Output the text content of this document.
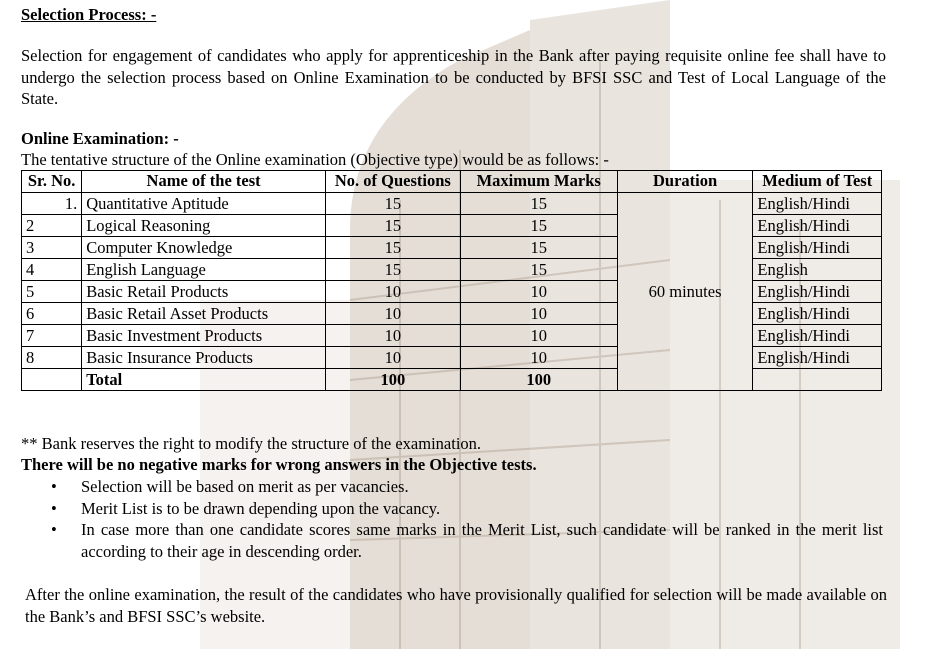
Selection Process: -
Selection for engagement of candidates who apply for apprenticeship in the Bank after paying requisite online fee shall have to undergo the selection process based on Online Examination to be conducted by BFSI SSC and Test of Local Language of the State.
Online Examination: -
The tentative structure of the Online examination (Objective type) would be as follows: -
Sr. No.	Name of the test	No. of Questions	Maximum Marks	Duration	Medium of Test
1.	Quantitative Aptitude	15	15	60 minutes	English/Hindi
2	Logical Reasoning	15	15		English/Hindi
3	Computer Knowledge	15	15		English/Hindi
4	English Language	15	15		English
5	Basic Retail Products	10	10		English/Hindi
6	Basic Retail Asset Products	10	10		English/Hindi
7	Basic Investment Products	10	10		English/Hindi
8	Basic Insurance Products	10	10		English/Hindi
	Total	100	100		
** Bank reserves the right to modify the structure of the examination.
There will be no negative marks for wrong answers in the Objective tests.
• Selection will be based on merit as per vacancies.
• Merit List is to be drawn depending upon the vacancy.
• In case more than one candidate scores same marks in the Merit List, such candidate will be ranked in the merit list according to their age in descending order.
After the online examination, the result of the candidates who have provisionally qualified for selection will be made available on the Bank’s and BFSI SSC’s website.
